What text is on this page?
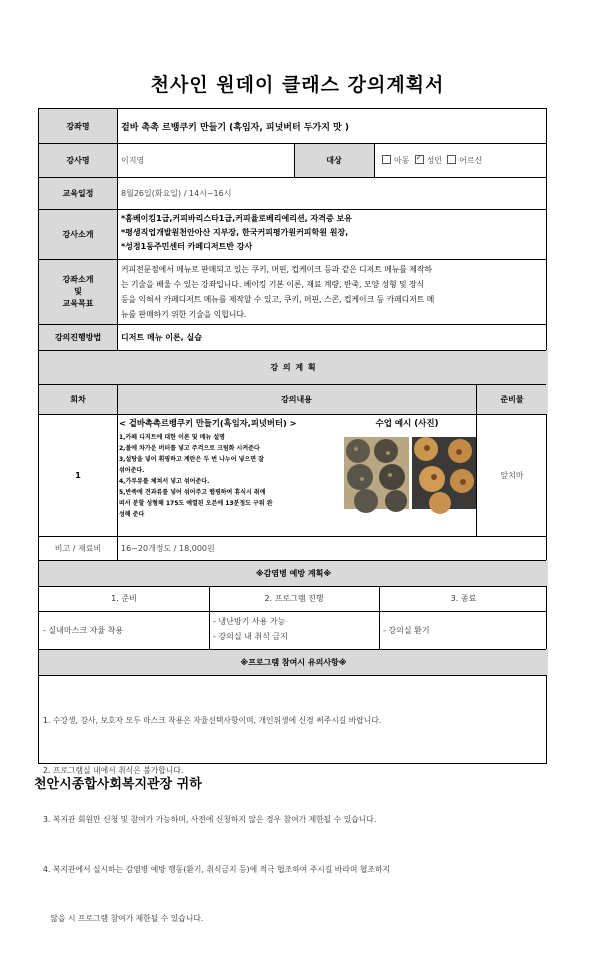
천사인 원데이 클래스 강의계획서
강좌명	겉바 촉촉 르뱅쿠키 만들기 (흑임자, 피넛버터 두가지 맛 )
강사명	이지영	대상	아동

✓	성인
	어르신
교육일정	8월26일(화요일) / 14시~16시
강사소개
*홈베이킹1급,커피바리스타1급,커피율로베리에리션, 자격증 보유
*평생직업개발원천안아산 지부장, 한국커피평가원커피학원 원장,
*성정1동주민센터 카페디저트반 강사
강좌소개
및
교육목표
커피전문점에서 메뉴로 판매되고 있는 쿠키, 머핀, 컵케이크 등과 같은 디저트 메뉴를 제작하
는 기술을 배울 수 있는 강좌입니다. 베이킹 기본 이론, 재료 계량, 반죽, 모양 성형 및 장식
등을 익혀서 카페디저트 메뉴를 제작할 수 있고, 쿠키, 머핀, 스콘, 컵케이크 등 카페디저트 메
뉴를 판매하기 위한 기술을 익힙니다.
강의진행방법	디저트 메뉴 이론, 실습
강 의 계 획
회차	강의내용	준비물
1
< 겉바촉촉르뱅쿠키 만들기(흑임자,피넛버터) >	수업 예시 (사진)
1,카페 디저트에 대한 이론 및 메뉴 설명
2,볼에 차가운 버터를 넣고 주걱으로 크림화 시켜준다
3,설탕을 넣어 휘핑하고 계란은 두 번 나누어 넣으면 잘
섞어준다.
4,가루류를 체쳐서 넣고 섞어준다.
5,반죽에 견과류를 넣어 섞어주고 랩핑하여 휴식시 취에
떠서 분할 성형해 175도 예열된 오븐에 13분정도 구워 완
성해 준다
앞치마
비고 / 재료비	16~20개정도 / 18,000원
※감염병 예방 계획※
1. 준비	2. 프로그램 진행	3. 종료
- 실내마스크 자율 착용
- 냉난방기 사용 가능
- 강의실 내 취식 금지
- 강의실 환기
※프로그램 참여시 유의사항※

1. 수강생, 강사, 보호자 모두 마스크 착용은 자율선택사항이며, 개인위생에 신경 써주시길 바랍니다.

2. 프로그램실 내에서 취식은 불가합니다.

3. 복지관 회원만 신청 및 참여가 가능하며, 사전에 신청하지 않은 경우 참여가 제한될 수 있습니다.

4. 복지관에서 실시하는 감염병 예방 행동(환기, 취식금지 등)에 적극 협조하여 주시길 바라며 협조하지

않을 시 프로그램 참여가 제한될 수 있습니다.

천안시종합사회복지관장 귀하
